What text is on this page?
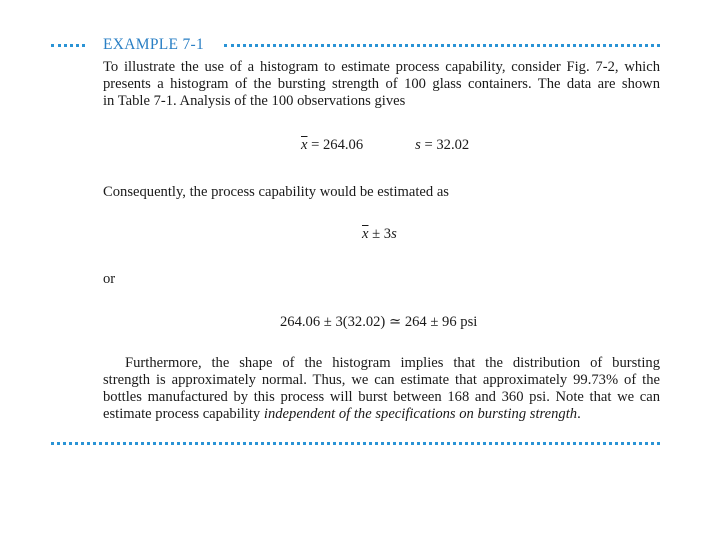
EXAMPLE 7-1
To illustrate the use of a histogram to estimate process capability, consider Fig. 7-2, which
presents a histogram of the bursting strength of 100 glass containers. The data are shown
in Table 7-1. Analysis of the 100 observations gives
$\overline{x} = 264.06$	s = 32.02
Consequently, the process capability would be estimated as
$\overline{x} \pm 3s$
or
264.06 ± 3(32.02) ≃ 264 ± 96 psi
Furthermore, the shape of the histogram implies that the distribution of bursting
strength is approximately normal. Thus, we can estimate that approximately 99.73% of the
bottles manufactured by this process will burst between 168 and 360 psi. Note that we can
estimate process capability independent of the specifications on bursting strength.
